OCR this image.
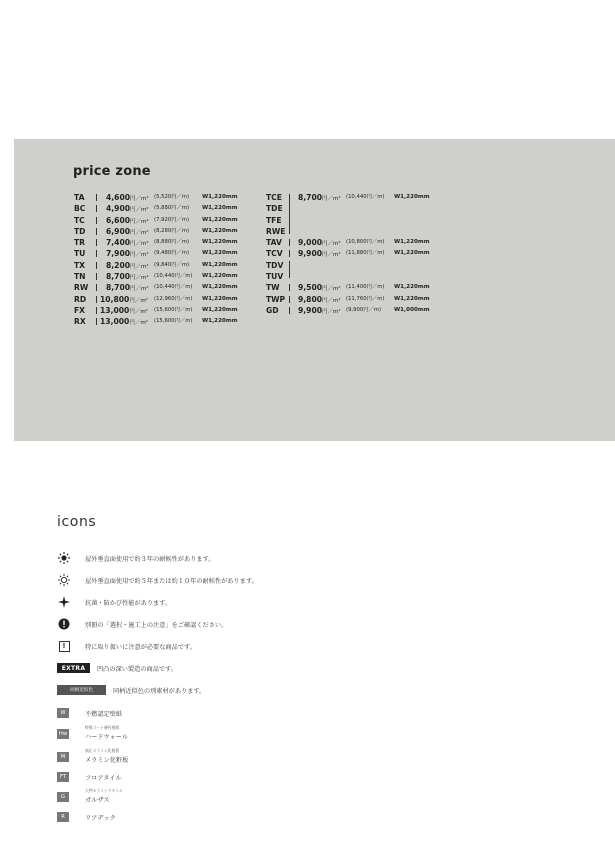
price zone
TA	4,600円／m² (5,520円／m) W1,220mm
BC	4,900円／m² (5,880円／m) W1,220mm
TC	6,600円／m² (7,920円／m) W1,220mm
TD	6,900円／m² (8,280円／m) W1,220mm
TR	7,400円／m² (8,880円／m) W1,220mm
TU	7,900円／m² (9,480円／m) W1,220mm
TX	8,200円／m² (9,840円／m) W1,220mm
TN	8,700円／m² (10,440円／m) W1,220mm
RW 8,700円／m² (10,440円／m) W1,220mm
RD 10,800円／m² (12,960円／m) W1,220mm
FX 13,000円／m² (15,600円／m) W1,220mm
RX 13,000円／m² (15,600円／m) W1,220mm
TCE 8,700円／m² (10,440円／m) W1,220mm
TDE
TFE
RWE
TAV 9,000円／m² (10,800円／m) W1,220mm
TCV 9,900円／m² (11,880円／m) W1,220mm
TDV
TUV
TW 9,500円／m² (11,400円／m) W1,220mm
TWP 9,800円／m² (11,760円／m) W1,220mm
GD	9,900円／m² (9,900円／m) W1,000mm
icons
屋外垂直面使用で約３年の耐候性があります。
屋外垂直面使用で約５年または約１０年の耐候性があります。
抗菌・防かび性能があります。
別冊の「選択・施工上の注意」をご確認ください。
!	特に取り扱いに注意が必要な商品です。
EXTRA	凹凸の深い製造の商品です。
同柄近似色	同柄近似色の別素材があります。
W	不燃認定壁紙
Hw
特殊コート層付壁紙
ハードウォール
M
高圧メラミン化粧板
メラミン化粧板
FT	フロアタイル
G
大判セラミックタイル
ガルザス
R	リアデック
